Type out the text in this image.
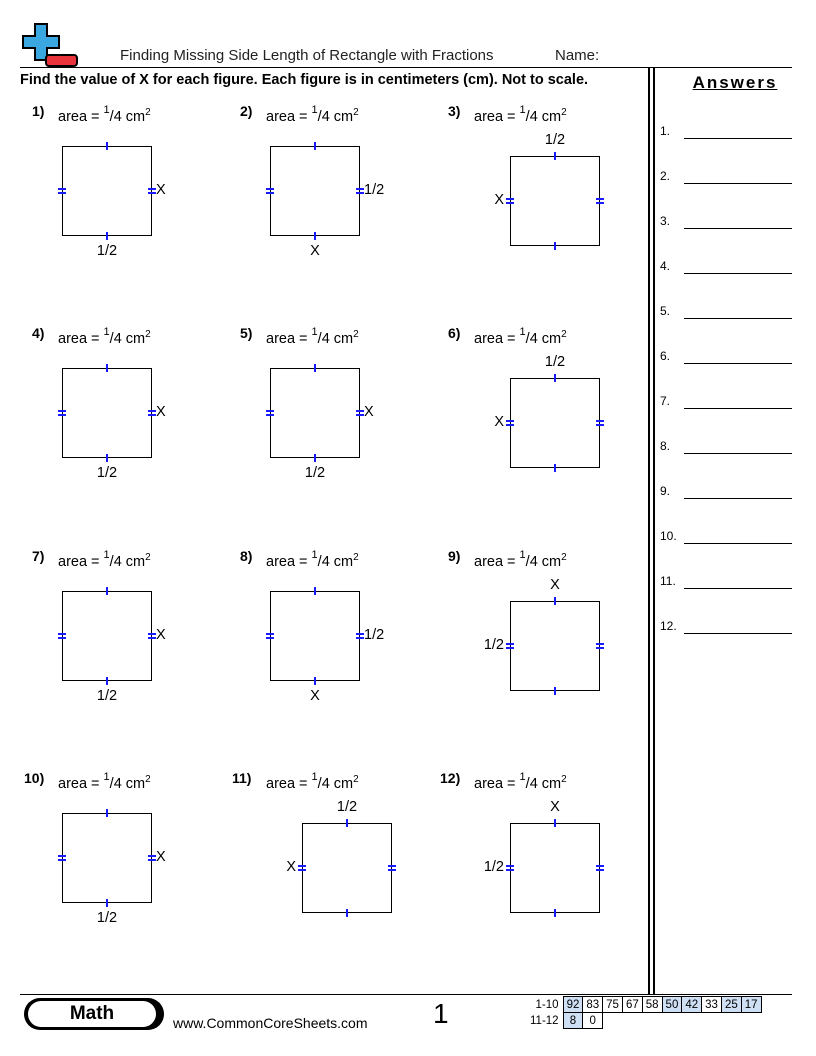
Finding Missing Side Length of Rectangle with Fractions	Name:
Find the value of X for each figure. Each figure is in centimeters (cm). Not to scale.	Answers
1.
2.
3.
4.
5.
6.
7.
8.
9.
10.
11.
12.
1) area = $^1$/4 $cm^2$
1/2
X
2) area = $^1$/4 $cm^2$
X
1/2
3) area = $^1$/4 $cm^2$
1/2
X
4) area = $^1$/4 $cm^2$
1/2
X
5) area = $^1$/4 $cm^2$
1/2
X
6) area = $^1$/4 $cm^2$
1/2
X
7) area = $^1$/4 $cm^2$
1/2
X
8) area = $^1$/4 $cm^2$
X
1/2
9) area = $^1$/4 $cm^2$
X
1/2
10) area = $^1$/4 $cm^2$
1/2
X
11) area = $^1$/4 $cm^2$
1/2
X
12) area = $^1$/4 $cm^2$
X
1/2
Math	www.CommonCoreSheets.com 1	1-10	92	83	75	67	58	50	42	33	25	17
11-12	8	0								
